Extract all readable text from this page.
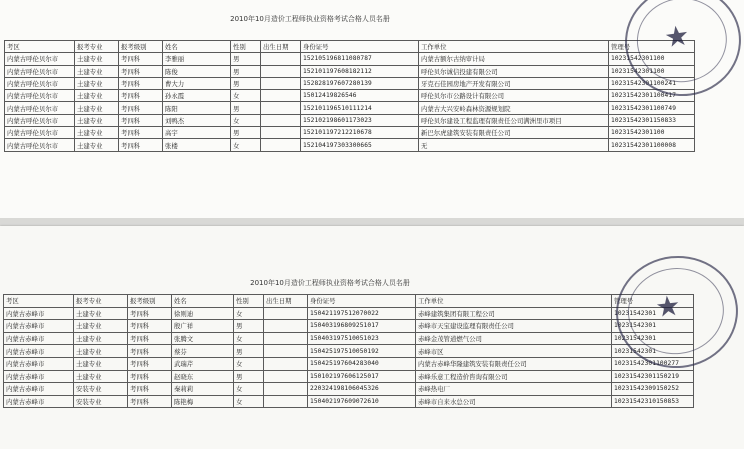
2010年10月造价工程师执业资格考试合格人员名册
考区	报考专业	报考级别	姓名	性别	出生日期	身份证号	工作单位	管理号
内蒙古呼伦贝尔市	土建专业	考四科	李雅丽	男		152105196811080787	内蒙古额尔古纳审计局	10231542301100
内蒙古呼伦贝尔市	土建专业	考四科	陈俊	男		152101197608182112	呼伦贝尔诚信投建有限公司	10231542301100
内蒙古呼伦贝尔市	土建专业	考四科	曹大力	男		152828197607280139	牙克石佳园房地产开发有限公司	10231542301100241
内蒙古呼伦贝尔市	土建专业	考四科	孙永霞	女		15012419826546	呼伦贝尔市公路设计有限公司	10231542301100417
内蒙古呼伦贝尔市	土建专业	考四科	陈阳	男		152101196510111214	内蒙古大兴安岭森林资源规划院	10231542301100749
内蒙古呼伦贝尔市	土建专业	考四科	刘鸭杰	女		152102198601173023	呼伦贝尔建设工程监理有限责任公司满洲里市项目	10231542301150833
内蒙古呼伦贝尔市	土建专业	考四科	高宇	男		152101197212210678	新巴尔虎建筑安装有限责任公司	10231542301100
内蒙古呼伦贝尔市	土建专业	考四科	张楼	女		152104197303300665	无	10231542301100008
★
2010年10月造价工程师执业资格考试合格人员名册
考区	报考专业	报考级别	姓名	性别	出生日期	身份证号	工作单位	管理号
内蒙古赤峰市	土建专业	考四科	徐则迪	女		150421197512070022	赤峰建筑集团有限工程公司	10231542301
内蒙古赤峰市	土建专业	考四科	殷广祥	男		150403196809251017	赤峰市天宝建设监理有限责任公司	10231542301
内蒙古赤峰市	土建专业	考四科	张腾文	女		150403197510051023	赤峰金茂管道燃气公司	10231542301
内蒙古赤峰市	土建专业	考四科	蔡芬	男		150425197510050192	赤峰市区	10231542301
内蒙古赤峰市	土建专业	考四科	武瑞芹	女		150425197604283040	内蒙古赤峰华隆建筑安装有限责任公司	10231542301100277
内蒙古赤峰市	土建专业	考四科	赵晓东	男		150102197606125017	赤峰乐意工程造价咨询有限公司	10231542301150219
内蒙古赤峰市	安装专业	考四科	秦莉莉	女		220324198106045326	赤峰热电厂	10231542309150252
内蒙古赤峰市	安装专业	考四科	陈艳梅	女		150402197609072610	赤峰市自来水总公司	10231542310150853
★
